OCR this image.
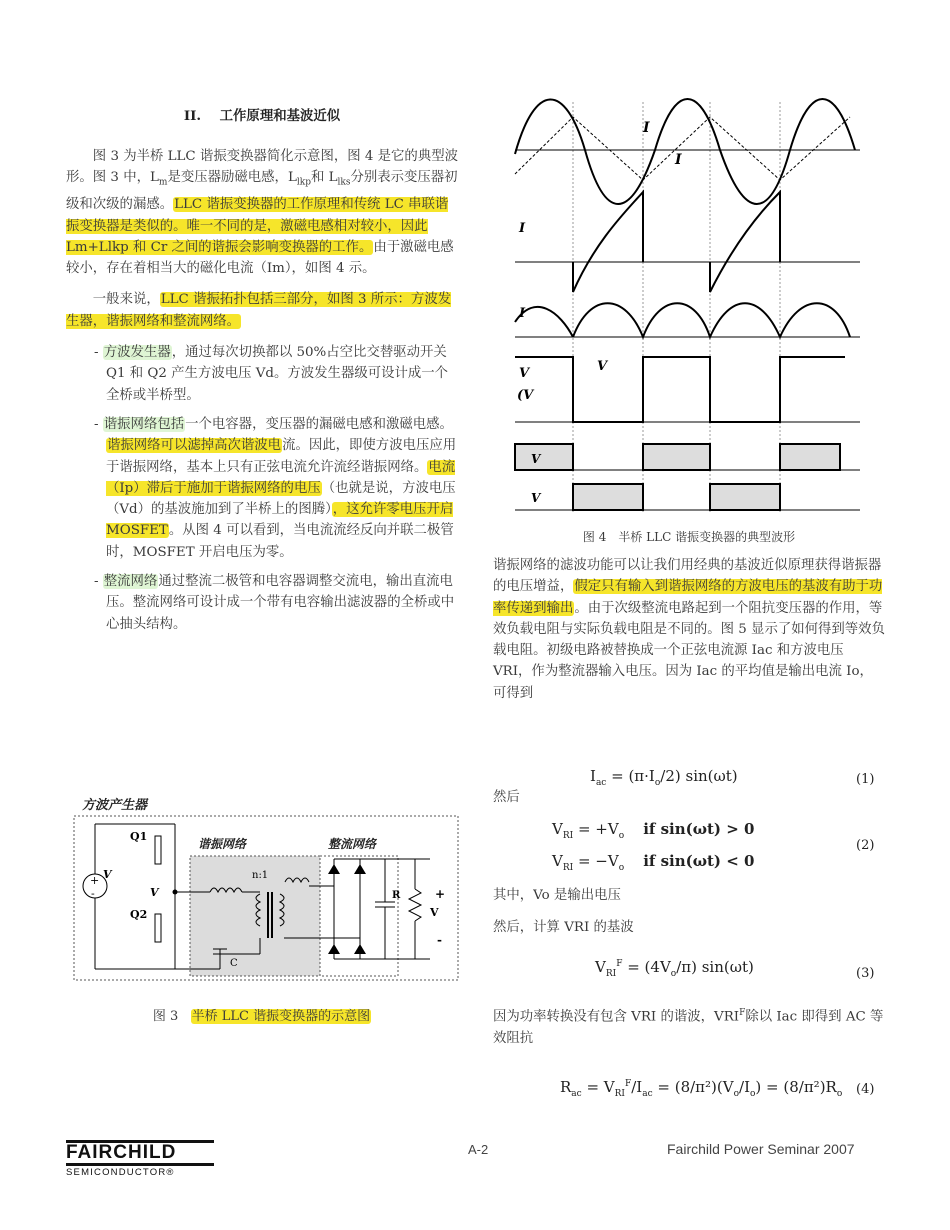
II.    工作原理和基波近似

图 3 为半桥 LLC 谐振变换器简化示意图，图 4 是它的典型波形。图 3 中，$L_m$是变压器励磁电感，$L_{lkp}$和 $L_{lks}$分别表示变压器初级和次级的漏感。LLC 谐振变换器的工作原理和传统 LC 串联谐振变换器是类似的。唯一不同的是，激磁电感相对较小，因此 Lm+Llkp 和 Cr 之间的谐振会影响变换器的工作。由于激磁电感较小，存在着相当大的磁化电流（Im），如图 4 示。

一般来说，LLC 谐振拓扑包括三部分，如图 3 所示：方波发生器，谐振网络和整流网络。

- 方波发生器，通过每次切换都以 50%占空比交替驱动开关 Q1 和 Q2 产生方波电压 Vd。方波发生器级可设计成一个全桥或半桥型。

- 谐振网络包括一个电容器，变压器的漏磁电感和激磁电感。谐振网络可以滤掉高次谐波电流。因此，即使方波电压应用于谐振网络，基本上只有正弦电流允许流经谐振网络。电流（Ip）滞后于施加于谐振网络的电压（也就是说，方波电压（Vd）的基波施加到了半桥上的图腾），这允许零电压开启 MOSFET。从图 4 可以看到，当电流流经反向并联二极管时，MOSFET 开启电压为零。

- 整流网络通过整流二极管和电容器调整交流电，输出直流电压。整流网络可设计成一个带有电容输出滤波器的全桥或中心抽头结构。

方波产生器
谐振网络	整流网络
+
-
V
Q1
Q2
V
n:1
C
R	+
V
-
图 3 半桥 LLC 谐振变换器的示意图
I
I
I
I
V
(V
V
V
V
图 4　半桥 LLC 谐振变换器的典型波形

谐振网络的滤波功能可以让我们用经典的基波近似原理获得谐振器的电压增益，假定只有输入到谐振网络的方波电压的基波有助于功率传递到输出。由于次级整流电路起到一个阻抗变压器的作用，等效负载电阻与实际负载电阻是不同的。图 5 显示了如何得到等效负载电阻。初级电路被替换成一个正弦电流源 Iac 和方波电压 VRI，作为整流器输入电压。因为 Iac 的平均值是输出电流 Io，可得到

$I_{ac} = (\pi\cdot I_o/2)$ sin(ωt)	(1)
然后
$V_{RI} = +V_o$ if sin(ωt) > 0
$V_{RI} = -V_o$ if sin(ωt) < 0
(2)
其中，Vo 是输出电压
然后，计算 VRI 的基波
$V_{RI}^F = (4V_o/\pi)$ sin(ωt)	(3)

因为功率转换没有包含 VRI 的谐波，$VRI^F$除以 Iac 即得到 AC 等效阻抗

$R_{ac} = V_{RI}^F/I_{ac} = (8/\pi^2)(V_o/I_o) = (8/\pi^2)R_o$ (4)
FAIRCHILD
SEMICONDUCTOR®
A-2	Fairchild Power Seminar 2007
